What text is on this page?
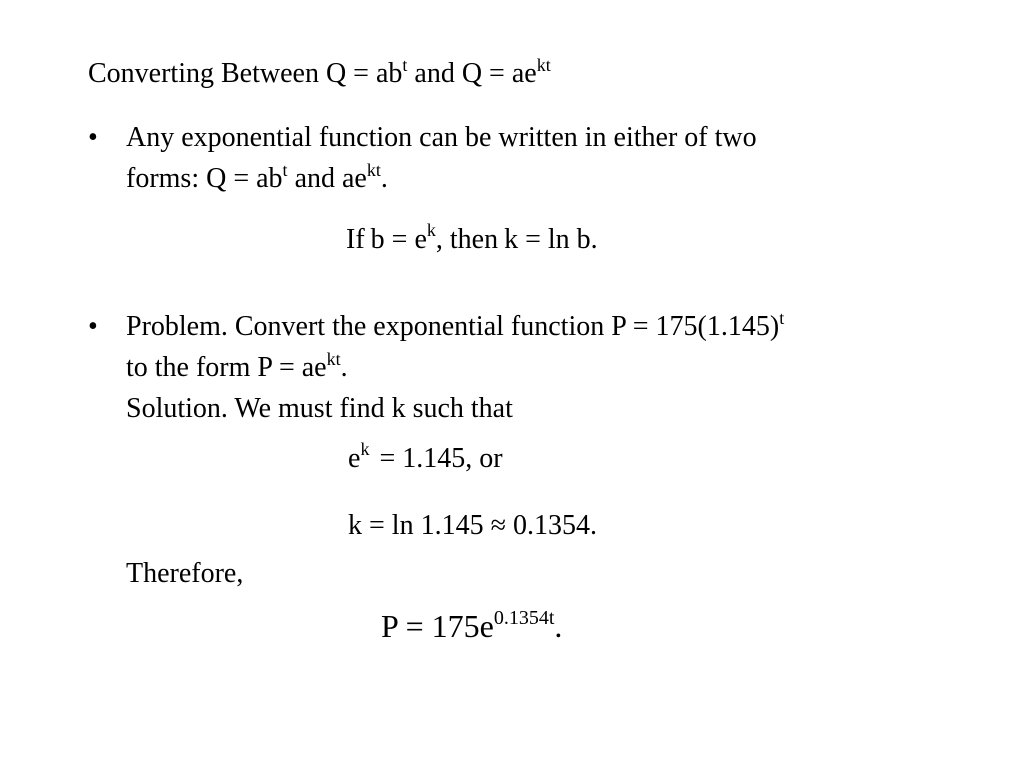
Converting Between $Q = ab^t$ and $Q = ae^{kt}$
•	Any exponential function can be written in either of two
forms: $Q = ab^t$ and $ae^{kt}$.
If $b = e^k$, then k = ln b.
•	Problem. Convert the exponential function $P = 175(1.145)^t$
to the form $P = ae^{kt}$.
Solution. We must find k such that
$e^k = 1.145$, or
k = ln 1.145 ≈ 0.1354.
Therefore,
$P = 175e^{0.1354t}$.
